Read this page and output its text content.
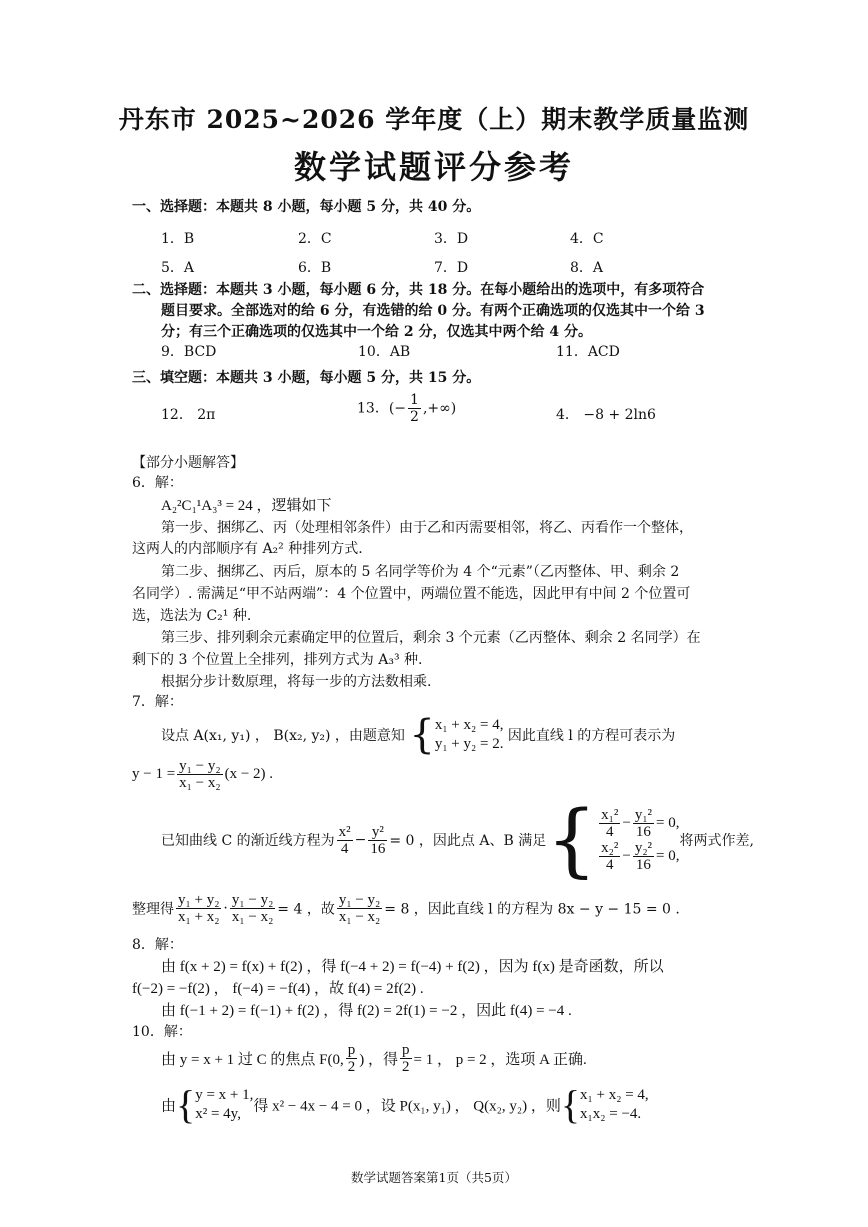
丹东市 2025~2026 学年度（上）期末教学质量监测
数学试题评分参考
一、选择题：本题共 8 小题，每小题 5 分，共 40 分。
1．B	2．C	3．D	4．C
5．A	6．B	7．D	8．A
二、选择题：本题共 3 小题，每小题 6 分，共 18 分。在每小题给出的选项中，有多项符合
题目要求。全部选对的给 6 分，有选错的给 0 分。有两个正确选项的仅选其中一个给 3
分；有三个正确选项的仅选其中一个给 2 分，仅选其中两个给 4 分。
9．BCD	10．AB	11．ACD
三、填空题：本题共 3 小题，每小题 5 分，共 15 分。
12． 2π	13．(− $\frac{1}{2}$ ,+∞)	4． −8 + 2ln6
【部分小题解答】
6．解：
A₂²C₁¹A₃³ = 24 ，逻辑如下
第一步、捆绑乙、丙（处理相邻条件）由于乙和丙需要相邻，将乙、丙看作一个整体，
这两人的内部顺序有 A₂² 种排列方式.
第二步、捆绑乙、丙后，原本的 5 名同学等价为 4 个“元素”（乙丙整体、甲、剩余 2
名同学）. 需满足“甲不站两端”：4 个位置中，两端位置不能选，因此甲有中间 2 个位置可
选，选法为 C₂¹ 种.
第三步、排列剩余元素确定甲的位置后，剩余 3 个元素（乙丙整体、剩余 2 名同学）在
剩下的 3 个位置上全排列，排列方式为 A₃³ 种.
根据分步计数原理，将每一步的方法数相乘.
7．解：
设点 A(x₁, y₁) ， B(x₂, y₂) ，由题意知 { x₁ + x₂ = 4,
y₁ + y₂ = 2. 因此直线 l 的方程可表示为
$y - 1 = \frac{\text{y₁ − y₂}}{\text{x₁ − x₂}} (x - 2)$ .
已知曲线 C 的渐近线方程为 $\frac{\text{x²}}{4} - \frac{\text{y²}}{16} = 0$ ，因此点 A、B 满足{ $\frac{\text{x₁²}}{4} - \frac{\text{y₁²}}{16} = 0$,
$\frac{\text{x₂²}}{4} - \frac{\text{y₂²}}{16} = 0$,
将两式作差,
整理得 $\frac{\text{y₁ + y₂}}{\text{x₁ + x₂}} \cdot \frac{\text{y₁ − y₂}}{\text{x₁ − x₂}} = 4$ ，故 $\frac{\text{y₁ − y₂}}{\text{x₁ − x₂}} = 8$ ，因此直线 l 的方程为 8x − y − 15 = 0 .
8．解：
由 f(x + 2) = f(x) + f(2) ，得 f(−4 + 2) = f(−4) + f(2) ，因为 f(x) 是奇函数，所以
f(−2) = −f(2) ， f(−4) = −f(4) ，故 f(4) = 2f(2) .
由 f(−1 + 2) = f(−1) + f(2) ，得 f(2) = 2f(1) = −2 ，因此 f(4) = −4 .
10．解：
由 y = x + 1 过 C 的焦点 F(0, $\frac{p}{2}$ ) ，得 $\frac{p}{2} = 1$ ， p = 2 ，选项 A 正确.
由{ y = x + 1,
x² = 4y, 得 x² − 4x − 4 = 0 ，设 P(x₁, y₁) ， Q(x₂, y₂) ，则{ x₁ + x₂ = 4,
x₁x₂ = −4.
数学试题答案第1页（共5页）
